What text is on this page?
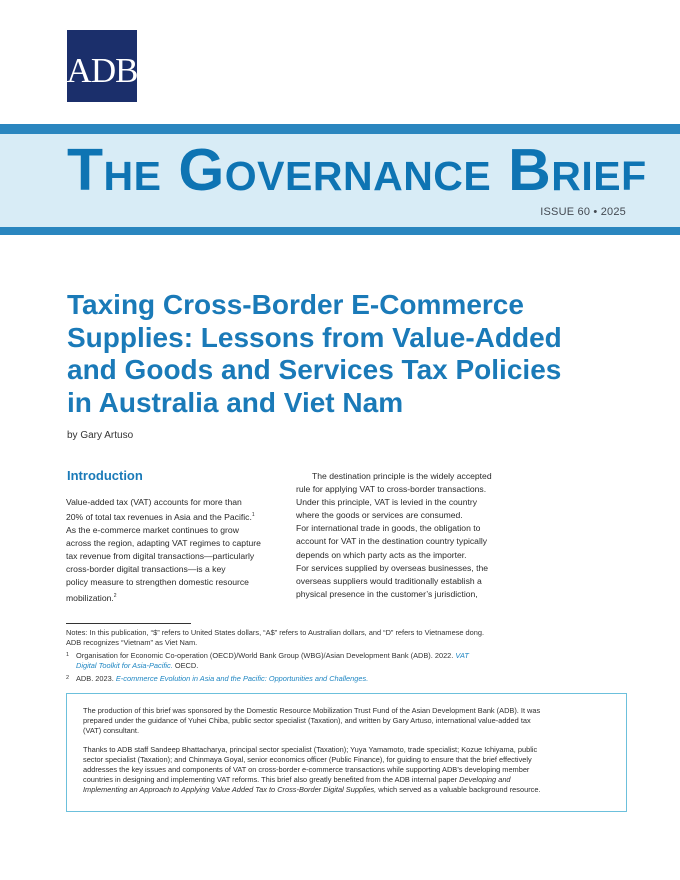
ADB
The Governance Brief
ISSUE 60 • 2025
Taxing Cross-Border E-Commerce
Supplies: Lessons from Value-Added
and Goods and Services Tax Policies
in Australia and Viet Nam
by Gary Artuso
Introduction

Value-added tax (VAT) accounts for more than

20% of total tax revenues in Asia and the Pacific.$^1$

As the e-commerce market continues to grow

across the region, adapting VAT regimes to capture

tax revenue from digital transactions—particularly

cross-border digital transactions—is a key

policy measure to strengthen domestic resource

mobilization.$^2$

The destination principle is the widely accepted

rule for applying VAT to cross-border transactions.

Under this principle, VAT is levied in the country

where the goods or services are consumed.

For international trade in goods, the obligation to

account for VAT in the destination country typically

depends on which party acts as the importer.

For services supplied by overseas businesses, the

overseas suppliers would traditionally establish a

physical presence in the customer’s jurisdiction,

Notes: In this publication, “$” refers to United States dollars, “A$” refers to Australian dollars, and “D” refers to Vietnamese dong.
ADB recognizes “Vietnam” as Viet Nam.
1 Organisation for Economic Co-operation (OECD)/World Bank Group (WBG)/Asian Development Bank (ADB). 2022. VAT
Digital Toolkit for Asia-Pacific. OECD.
2 ADB. 2023. E-commerce Evolution in Asia and the Pacific: Opportunities and Challenges.

The production of this brief was sponsored by the Domestic Resource Mobilization Trust Fund of the Asian Development Bank (ADB). It was
prepared under the guidance of Yuhei Chiba, public sector specialist (Taxation), and written by Gary Artuso, international value-added tax
(VAT) consultant.

Thanks to ADB staff Sandeep Bhattacharya, principal sector specialist (Taxation); Yuya Yamamoto, trade specialist; Kozue Ichiyama, public
sector specialist (Taxation); and Chinmaya Goyal, senior economics officer (Public Finance), for guiding to ensure that the brief effectively
addresses the key issues and components of VAT on cross-border e-commerce transactions while supporting ADB’s developing member
countries in designing and implementing VAT reforms. This brief also greatly benefited from the ADB internal paper Developing and
Implementing an Approach to Applying Value Added Tax to Cross-Border Digital Supplies, which served as a valuable background resource.
